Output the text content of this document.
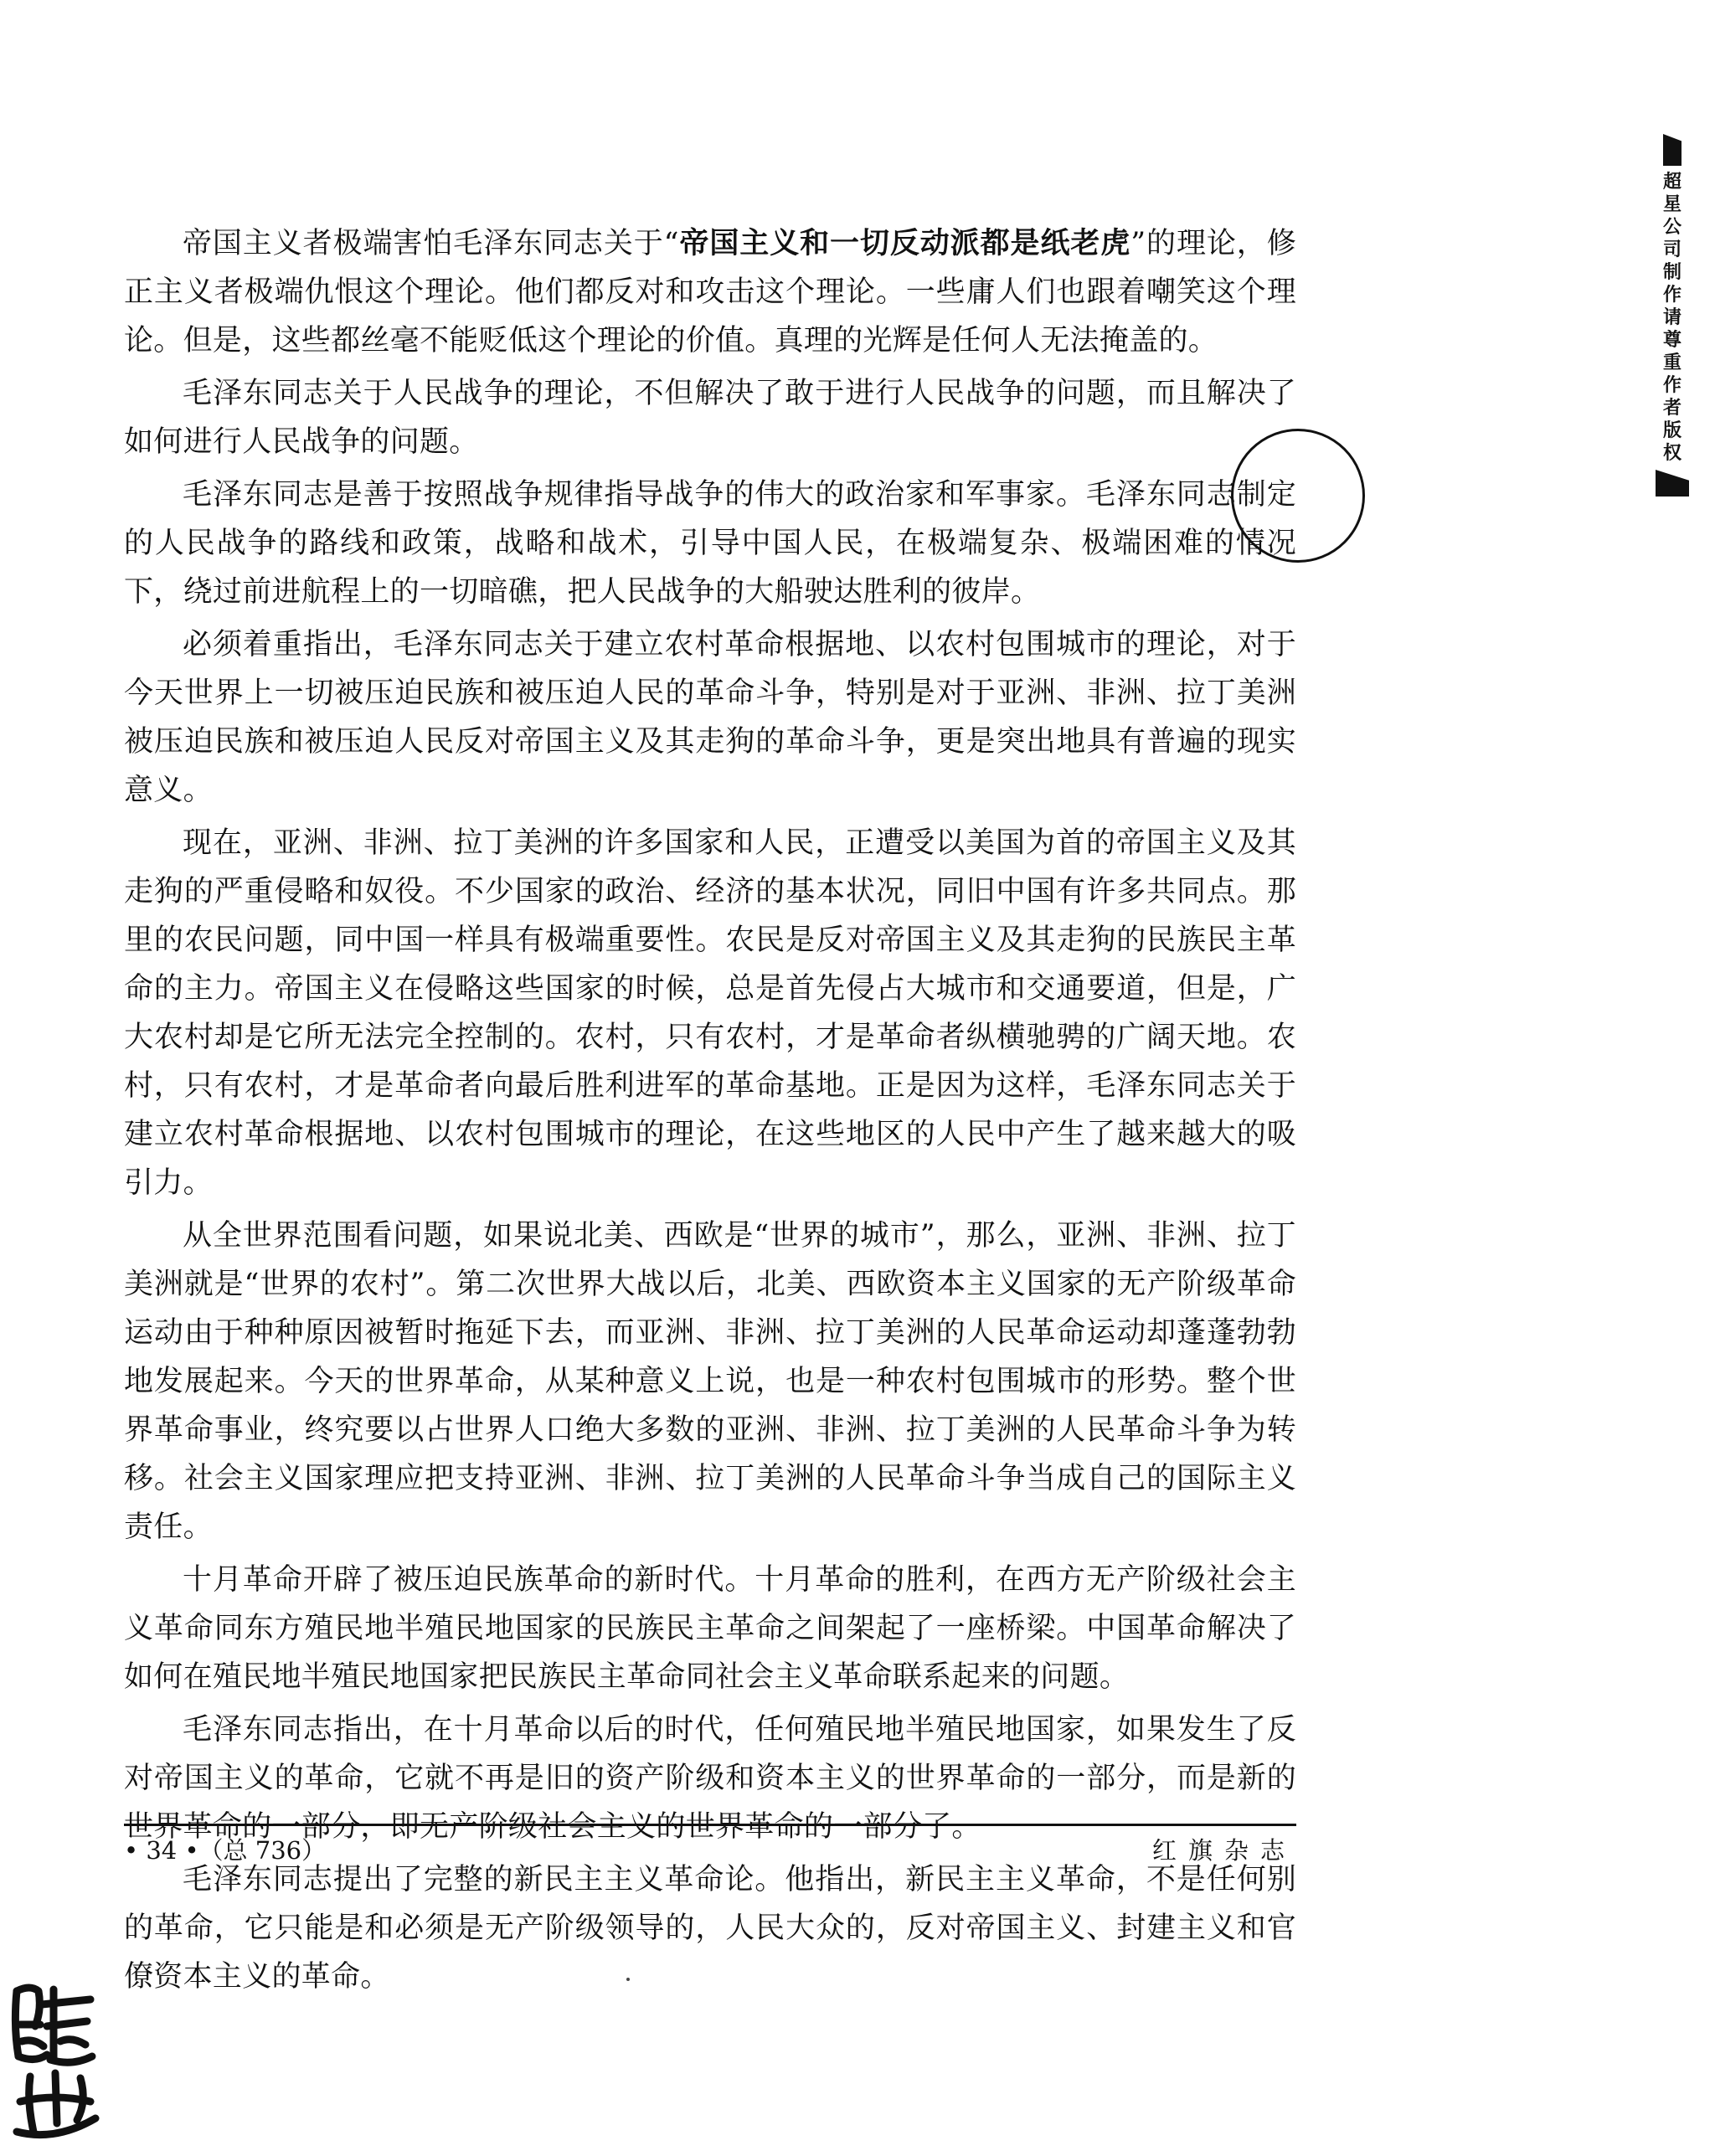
帝国主义者极端害怕毛泽东同志关于“帝国主义和一切反动派都是纸老虎”的理论，修正主义者极端仇恨这个理论。他们都反对和攻击这个理论。一些庸人们也跟着嘲笑这个理论。但是，这些都丝毫不能贬低这个理论的价值。真理的光辉是任何人无法掩盖的。

毛泽东同志关于人民战争的理论，不但解决了敢于进行人民战争的问题，而且解决了如何进行人民战争的问题。

毛泽东同志是善于按照战争规律指导战争的伟大的政治家和军事家。毛泽东同志制定的人民战争的路线和政策，战略和战术，引导中国人民，在极端复杂、极端困难的情况下，绕过前进航程上的一切暗礁，把人民战争的大船驶达胜利的彼岸。

必须着重指出，毛泽东同志关于建立农村革命根据地、以农村包围城市的理论，对于今天世界上一切被压迫民族和被压迫人民的革命斗争，特别是对于亚洲、非洲、拉丁美洲被压迫民族和被压迫人民反对帝国主义及其走狗的革命斗争，更是突出地具有普遍的现实意义。

现在，亚洲、非洲、拉丁美洲的许多国家和人民，正遭受以美国为首的帝国主义及其走狗的严重侵略和奴役。不少国家的政治、经济的基本状况，同旧中国有许多共同点。那里的农民问题，同中国一样具有极端重要性。农民是反对帝国主义及其走狗的民族民主革命的主力。帝国主义在侵略这些国家的时候，总是首先侵占大城市和交通要道，但是，广大农村却是它所无法完全控制的。农村，只有农村，才是革命者纵横驰骋的广阔天地。农村，只有农村，才是革命者向最后胜利进军的革命基地。正是因为这样，毛泽东同志关于建立农村革命根据地、以农村包围城市的理论，在这些地区的人民中产生了越来越大的吸引力。

从全世界范围看问题，如果说北美、西欧是“世界的城市”，那么，亚洲、非洲、拉丁美洲就是“世界的农村”。第二次世界大战以后，北美、西欧资本主义国家的无产阶级革命运动由于种种原因被暂时拖延下去，而亚洲、非洲、拉丁美洲的人民革命运动却蓬蓬勃勃地发展起来。今天的世界革命，从某种意义上说，也是一种农村包围城市的形势。整个世界革命事业，终究要以占世界人口绝大多数的亚洲、非洲、拉丁美洲的人民革命斗争为转移。社会主义国家理应把支持亚洲、非洲、拉丁美洲的人民革命斗争当成自己的国际主义责任。

十月革命开辟了被压迫民族革命的新时代。十月革命的胜利，在西方无产阶级社会主义革命同东方殖民地半殖民地国家的民族民主革命之间架起了一座桥梁。中国革命解决了如何在殖民地半殖民地国家把民族民主革命同社会主义革命联系起来的问题。

毛泽东同志指出，在十月革命以后的时代，任何殖民地半殖民地国家，如果发生了反对帝国主义的革命，它就不再是旧的资产阶级和资本主义的世界革命的一部分，而是新的世界革命的一部分，即无产阶级社会主义的世界革命的一部分了。

毛泽东同志提出了完整的新民主主义革命论。他指出，新民主主义革命，不是任何别的革命，它只能是和必须是无产阶级领导的，人民大众的，反对帝国主义、封建主义和官僚资本主义的革命。

• 34 •（总 736）	红旗杂志
超星公司制作请尊重作者版权
